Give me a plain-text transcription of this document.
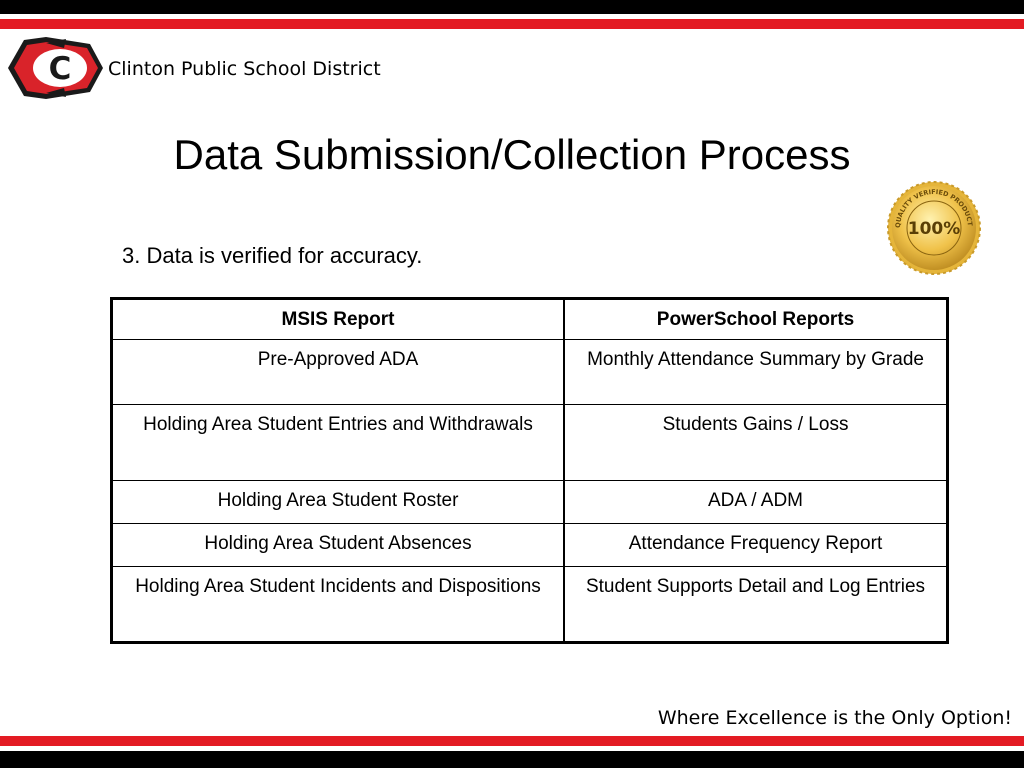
C Clinton Public School District
Data Submission/Collection Process
QUALITY VERIFIED PRODUCT
100%
3. Data is verified for accuracy.
MSIS Report	PowerSchool Reports
Pre-Approved ADA	Monthly Attendance Summary by Grade
Holding Area Student Entries and Withdrawals	Students Gains / Loss
Holding Area Student Roster	ADA / ADM
Holding Area Student Absences	Attendance Frequency Report
Holding Area Student Incidents and Dispositions	Student Supports Detail and Log Entries
Where Excellence is the Only Option!
